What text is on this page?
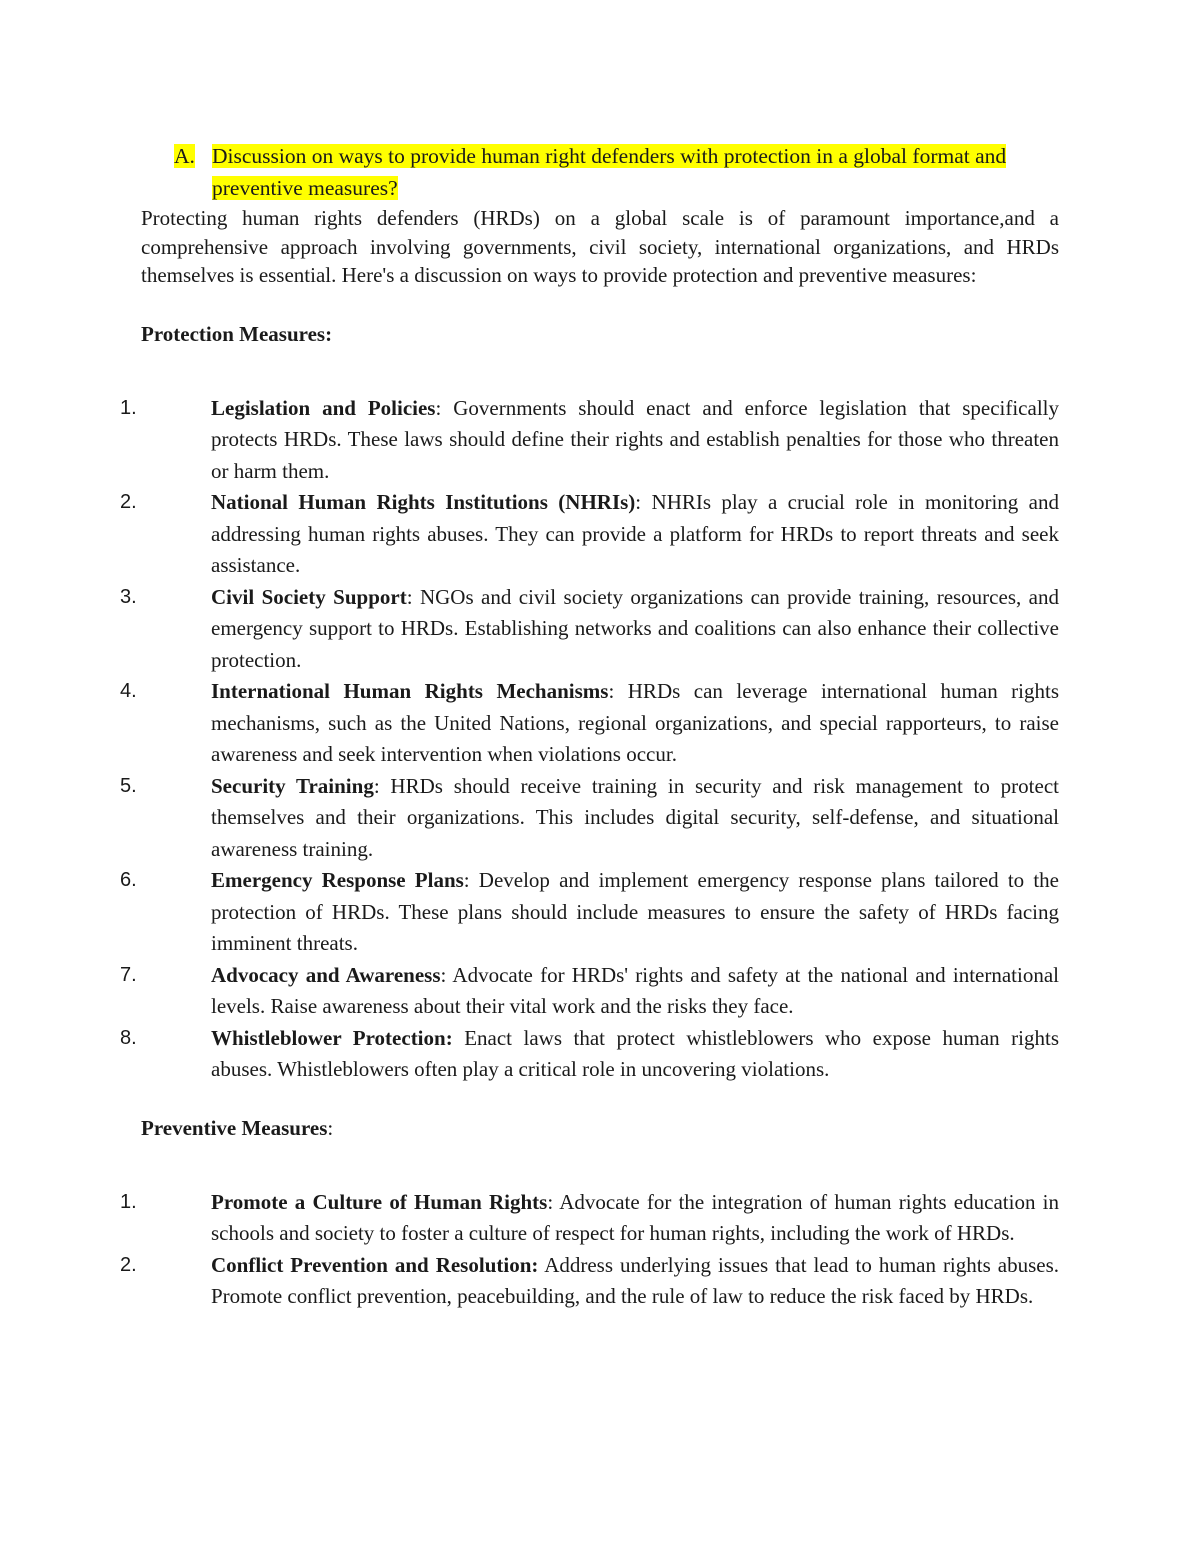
A. Discussion on ways to provide human right defenders with protection in a global format and preventive measures?

Protecting human rights defenders (HRDs) on a global scale is of paramount importance,and a comprehensive approach involving governments, civil society, international organizations, and HRDs themselves is essential. Here's a discussion on ways to provide protection and preventive measures:

Protection Measures:

1.	Legislation and Policies: Governments should enact and enforce legislation that specifically protects HRDs. These laws should define their rights and establish penalties for those who threaten or harm them.
2.	National Human Rights Institutions (NHRIs): NHRIs play a crucial role in monitoring and addressing human rights abuses. They can provide a platform for HRDs to report threats and seek assistance.
3.	Civil Society Support: NGOs and civil society organizations can provide training, resources, and emergency support to HRDs. Establishing networks and coalitions can also enhance their collective protection.
4.	International Human Rights Mechanisms: HRDs can leverage international human rights mechanisms, such as the United Nations, regional organizations, and special rapporteurs, to raise awareness and seek intervention when violations occur.
5.	Security Training: HRDs should receive training in security and risk management to protect themselves and their organizations. This includes digital security, self-defense, and situational awareness training.
6.	Emergency Response Plans: Develop and implement emergency response plans tailored to the protection of HRDs. These plans should include measures to ensure the safety of HRDs facing imminent threats.
7.	Advocacy and Awareness: Advocate for HRDs' rights and safety at the national and international levels. Raise awareness about their vital work and the risks they face.
8.	Whistleblower Protection: Enact laws that protect whistleblowers who expose human rights abuses. Whistleblowers often play a critical role in uncovering violations.

Preventive Measures:

1.	Promote a Culture of Human Rights: Advocate for the integration of human rights education in schools and society to foster a culture of respect for human rights, including the work of HRDs.
2.	Conflict Prevention and Resolution: Address underlying issues that lead to human rights abuses. Promote conflict prevention, peacebuilding, and the rule of law to reduce the risk faced by HRDs.
